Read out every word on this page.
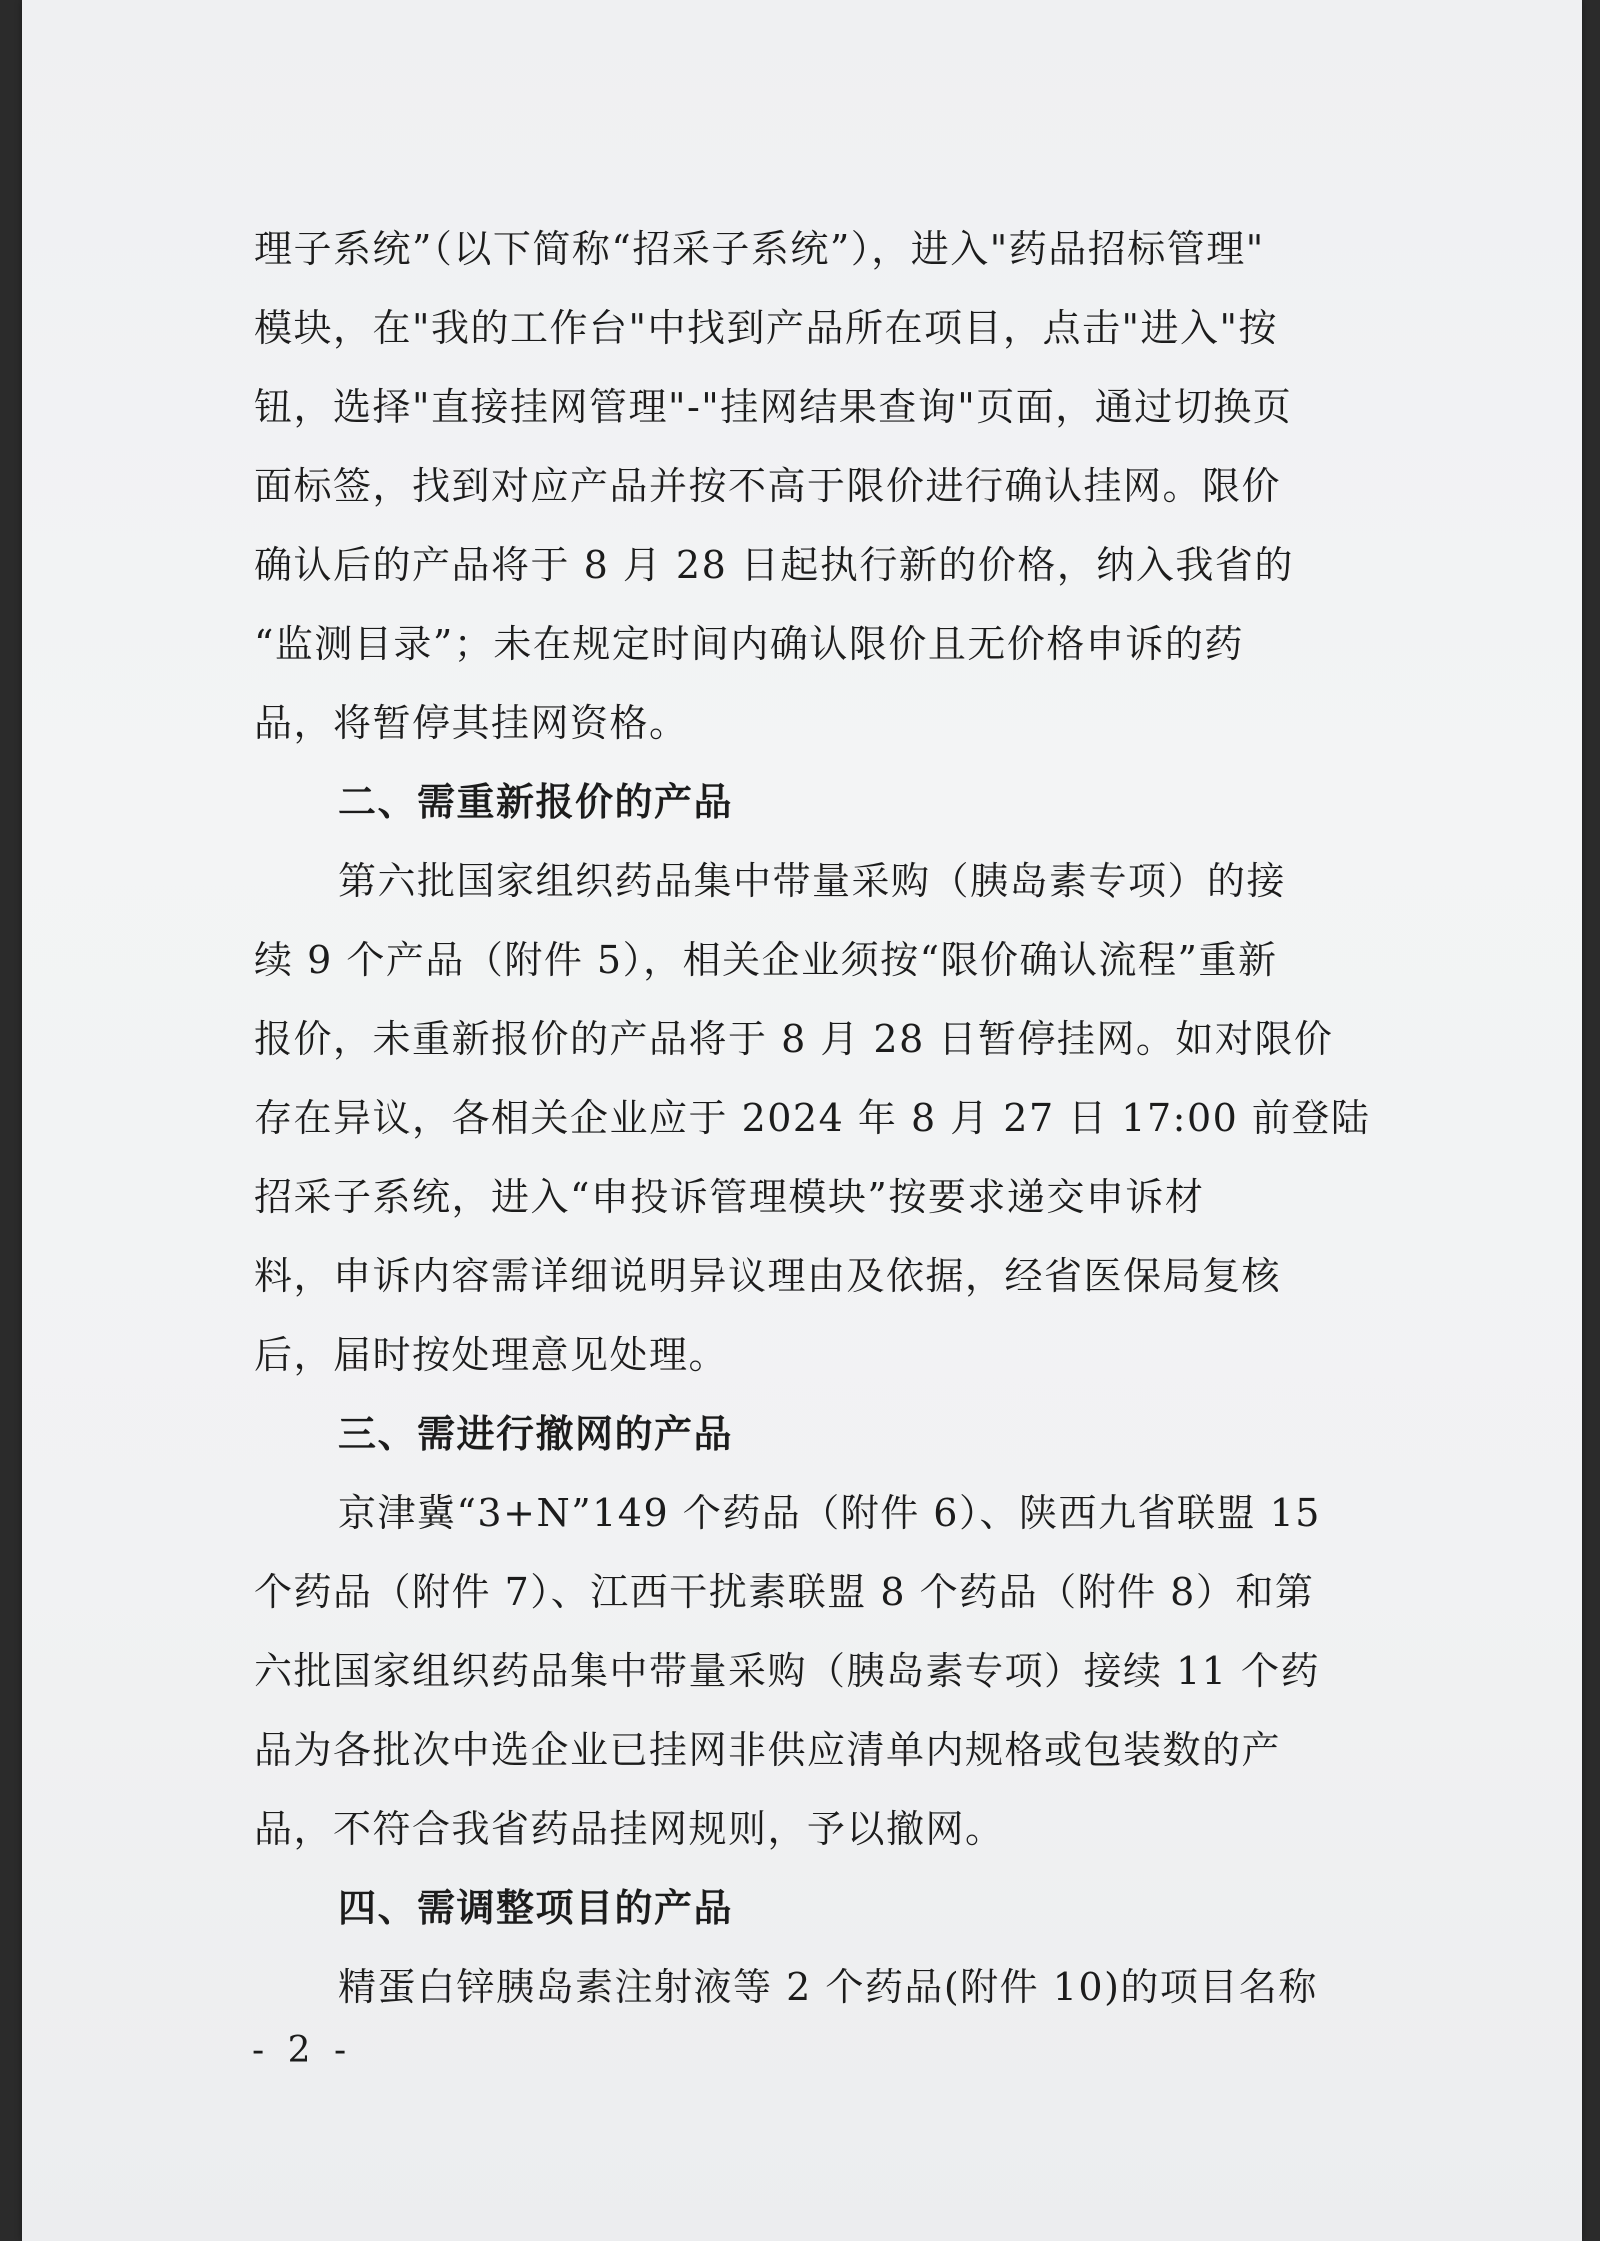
理子系统”（以下简称“招采子系统”），进入"药品招标管理"
模块，在"我的工作台"中找到产品所在项目，点击"进入"按
钮，选择"直接挂网管理"-"挂网结果查询"页面，通过切换页
面标签，找到对应产品并按不高于限价进行确认挂网。限价
确认后的产品将于 8 月 28 日起执行新的价格，纳入我省的
“监测目录”；未在规定时间内确认限价且无价格申诉的药
品，将暂停其挂网资格。

二、需重新报价的产品

第六批国家组织药品集中带量采购（胰岛素专项）的接
续 9 个产品（附件 5），相关企业须按“限价确认流程”重新
报价，未重新报价的产品将于 8 月 28 日暂停挂网。如对限价
存在异议，各相关企业应于 2024 年 8 月 27 日 17:00 前登陆
招采子系统，进入“申投诉管理模块”按要求递交申诉材
料，申诉内容需详细说明异议理由及依据，经省医保局复核
后，届时按处理意见处理。

三、需进行撤网的产品

京津冀“3+N”149 个药品（附件 6）、陕西九省联盟 15
个药品（附件 7）、江西干扰素联盟 8 个药品（附件 8）和第
六批国家组织药品集中带量采购（胰岛素专项）接续 11 个药
品为各批次中选企业已挂网非供应清单内规格或包装数的产
品，不符合我省药品挂网规则，予以撤网。

四、需调整项目的产品

精蛋白锌胰岛素注射液等 2 个药品(附件 10)的项目名称

- 2 -
